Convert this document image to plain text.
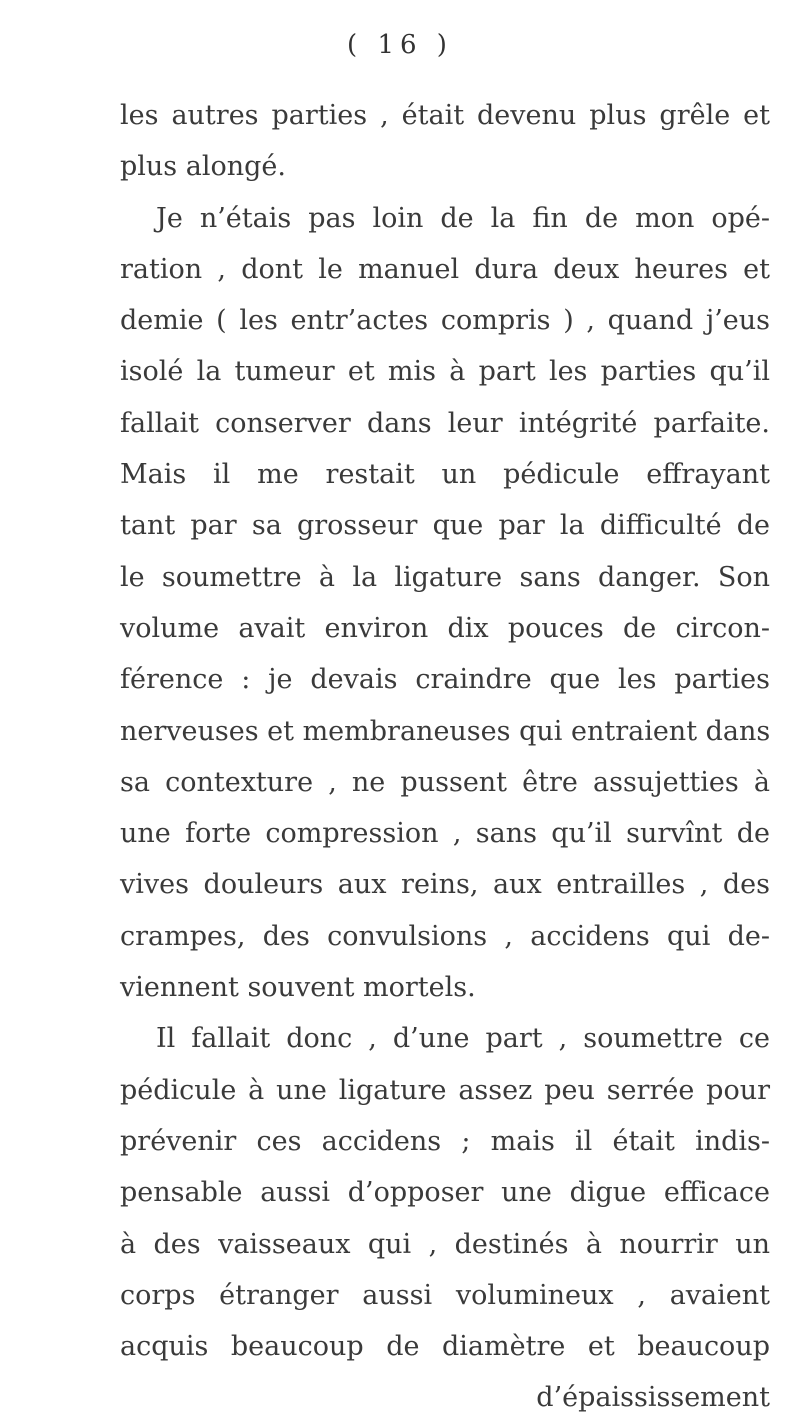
( 16 )
les autres parties , était devenu plus grêle et
plus alongé.
Je n’étais pas loin de la fin de mon opé-
ration , dont le manuel dura deux heures et
demie ( les entr’actes compris ) , quand j’eus
isolé la tumeur et mis à part les parties qu’il
fallait conserver dans leur intégrité parfaite.
Mais il me restait un pédicule effrayant
tant par sa grosseur que par la difficulté de
le soumettre à la ligature sans danger. Son
volume avait environ dix pouces de circon-
férence : je devais craindre que les parties
nerveuses et membraneuses qui entraient dans
sa contexture , ne pussent être assujetties à
une forte compression , sans qu’il survînt de
vives douleurs aux reins, aux entrailles , des
crampes, des convulsions , accidens qui de-
viennent souvent mortels.
Il fallait donc , d’une part , soumettre ce
pédicule à une ligature assez peu serrée pour
prévenir ces accidens ; mais il était indis-
pensable aussi d’opposer une digue efficace
à des vaisseaux qui , destinés à nourrir un
corps étranger aussi volumineux , avaient
acquis beaucoup de diamètre et beaucoup
d’épaississement
